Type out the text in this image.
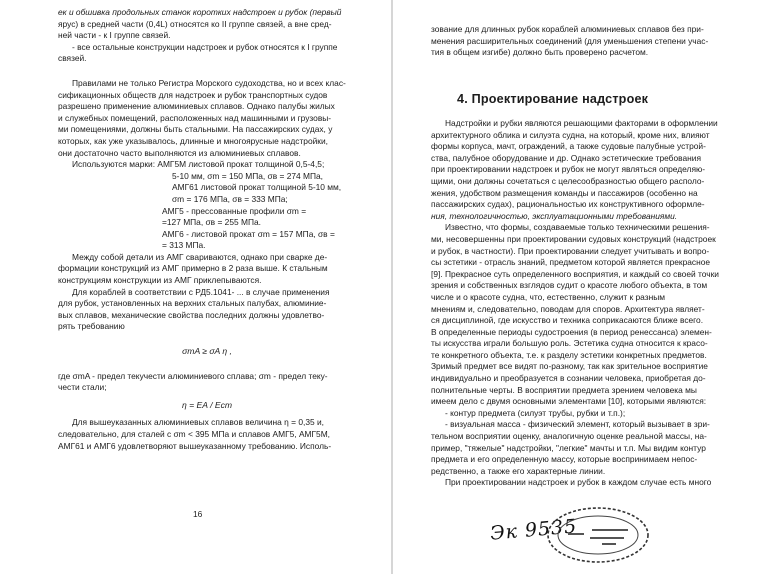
ек и обшивка продольных станок коротких надстроек и рубок (первый

ярус) в средней части (0,4L) относятся ко II группе связей, а вне сред-

ней части - к I группе связей.

- все остальные конструкции надстроек и рубок относятся к I группе

связей.

Правилами не только Регистра Морского судоходства, но и всех клас-

сификационных обществ для надстроек и рубок транспортных судов

разрешено применение алюминиевых сплавов. Однако палубы жилых

и служебных помещений, расположенных над машинными и грузовы-

ми помещениями, должны быть стальными. На пассажирских судах, у

которых, как уже указывалось, длинные и многоярусные надстройки,

они достаточно часто выполняются из алюминиевых сплавов.

Используются марки: АМГ5М листовой прокат толщиной 0,5-4,5;

5-10 мм, σm = 150 МПа, σв = 274 МПа,

АМГ61 листовой прокат толщиной 5-10 мм,

σm = 176 МПа, σв = 333 МПа;

АМГ5 - прессованные профили σm =

=127 МПа, σв = 255 МПа.

АМГ6 - листовой прокат σm = 157 МПа, σв =

= 313 МПа.

Между собой детали из АМГ свариваются, однако при сварке де-

формации конструкций из АМГ примерно в 2 раза выше. К стальным

конструкциям конструкции из АМГ приклепываются.

Для кораблей в соответствии с РД5.1041- ... в случае применения

для рубок, установленных на верхних стальных палубах, алюминие-

вых сплавов, механические свойства последних должны удовлетво-

рять требованию

σmA ≥ σA η ,

где σmA - предел текучести алюминиевого сплава; σm - предел теку-

чести стали;

η = EA / Eст

Для вышеуказанных алюминиевых сплавов величина η = 0,35 и,

следовательно, для сталей с σm < 395 МПа и сплавов АМГ5, АМГ5М,

АМГ61 и АМГ6 удовлетворяют вышеуказанному требованию. Исполь-

16

зование для длинных рубок кораблей алюминиевых сплавов без при-

менения расширительных соединений (для уменьшения степени учас-

тия в общем изгибе) должно быть проверено расчетом.

4. Проектирование надстроек

Надстройки и рубки являются решающими факторами в оформлении

архитектурного облика и силуэта судна, на который, кроме них, влияют

формы корпуса, мачт, ограждений, а также судовые палубные устрой-

ства, палубное оборудование и др. Однако эстетические требования

при проектировании надстроек и рубок не могут являться определяю-

щими, они должны сочетаться с целесообразностью общего располо-

жения, удобством размещения команды и пассажиров (особенно на

пассажирских судах), рациональностью их конструктивного оформле-

ния, технологичностью, эксплуатационными требованиями.

Известно, что формы, создаваемые только техническими решения-

ми, несовершенны при проектировании судовых конструкций (надстроек

и рубок, в частности). При проектировании следует учитывать и вопро-

сы эстетики - отрасль знаний, предметом которой является прекрасное

[9]. Прекрасное суть определенного восприятия, и каждый со своей точки

зрения и собственных взглядов судит о красоте любого объекта, в том

числе и о красоте судна, что, естественно, служит к разным

мнениям и, следовательно, поводам для споров. Архитектура являет-

ся дисциплиной, где искусство и техника соприкасаются ближе всего.

В определенные периоды судостроения (в период ренессанса) элемен-

ты искусства играли большую роль. Эстетика судна относится к красо-

те конкретного объекта, т.е. к разделу эстетики конкретных предметов.

Зримый предмет все видят по-разному, так как зрительное восприятие

индивидуально и преобразуется в сознании человека, приобретая до-

полнительные черты. В восприятии предмета зрением человека мы

имеем дело с двумя основными элементами [10], которыми являются:

- контур предмета (силуэт трубы, рубки и т.п.);

- визуальная масса - физический элемент, который вызывает в зри-

тельном восприятии оценку, аналогичную оценке реальной массы, на-

пример, "тяжелые" надстройки, "легкие" мачты и т.п. Мы видим контур

предмета и его определенную массу, которые воспринимаем непос-

редственно, а также его характерные линии.

При проектировании надстроек и рубок в каждом случае есть много

Эк 9535
